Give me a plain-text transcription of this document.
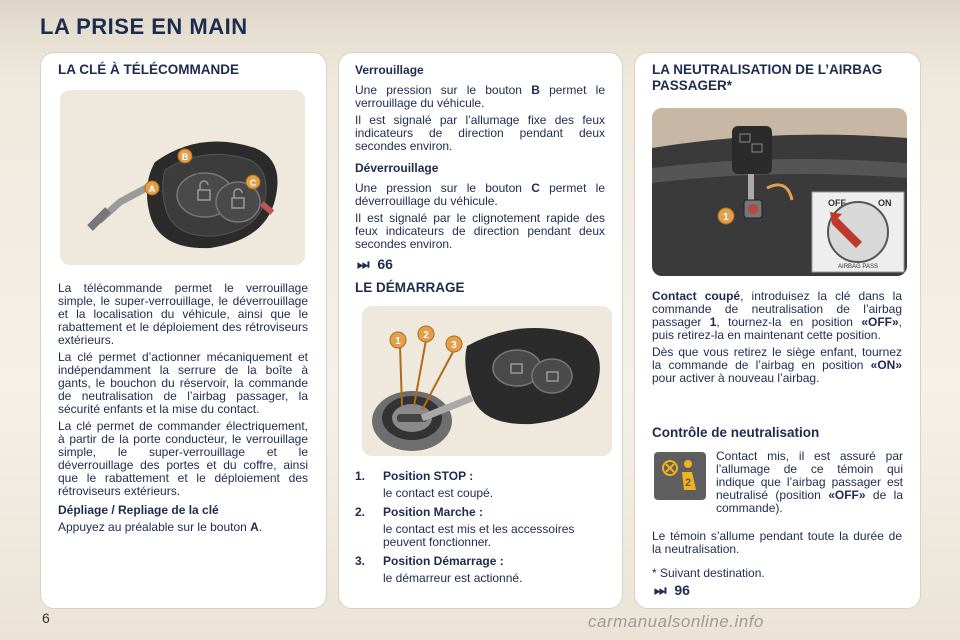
LA PRISE EN MAIN
LA CLÉ À TÉLÉCOMMANDE
A
B
C

La télécommande permet le verrouillage simple, le super-verrouillage, le déverrouillage et la localisation du véhicule, ainsi que le rabattement et le déploiement des rétroviseurs extérieurs.

La clé permet d’actionner mécaniquement et indépendamment la serrure de la boîte à gants, le bouchon du réservoir, la commande de neutralisation de l’airbag passager, la sécurité enfants et la mise du contact.

La clé permet de commander électriquement, à partir de la porte conducteur, le verrouillage simple, le super-verrouillage et le déverrouillage des portes et du coffre, ainsi que le rabattement et le déploiement des rétroviseurs extérieurs.

Dépliage / Repliage de la clé

Appuyez au préalable sur le bouton A.

Verrouillage

Une pression sur le bouton B permet le verrouillage du véhicule.

Il est signalé par l’allumage fixe des feux indicateurs de direction pendant deux secondes environ.

Déverrouillage

Une pression sur le bouton C permet le déverrouillage du véhicule.

Il est signalé par le clignotement rapide des feux indicateurs de direction pendant deux secondes environ.

⏭ 66
LE DÉMARRAGE
1
2
3
1. Position STOP :
le contact est coupé.
2. Position Marche :
le contact est mis et les accessoires peuvent fonctionner.
3. Position Démarrage :
le démarreur est actionné.
LA NEUTRALISATION DE L’AIRBAG PASSAGER*
1
OFF	ON
AIRBAG PASS

Contact coupé, introduisez la clé dans la commande de neutralisation de l’airbag passager 1, tournez-la en position «OFF», puis retirez-la en maintenant cette position.

Dès que vous retirez le siège enfant, tournez la commande de l’airbag en position «ON» pour activer à nouveau l’airbag.

Contrôle de neutralisation
2

Contact mis, il est assuré par l’allumage de ce témoin qui indique que l’airbag passager est neutralisé (position «OFF» de la commande).

Le témoin s’allume pendant toute la durée de la neutralisation.
* Suivant destination.
⏭ 96
6	carmanualsonline.info
